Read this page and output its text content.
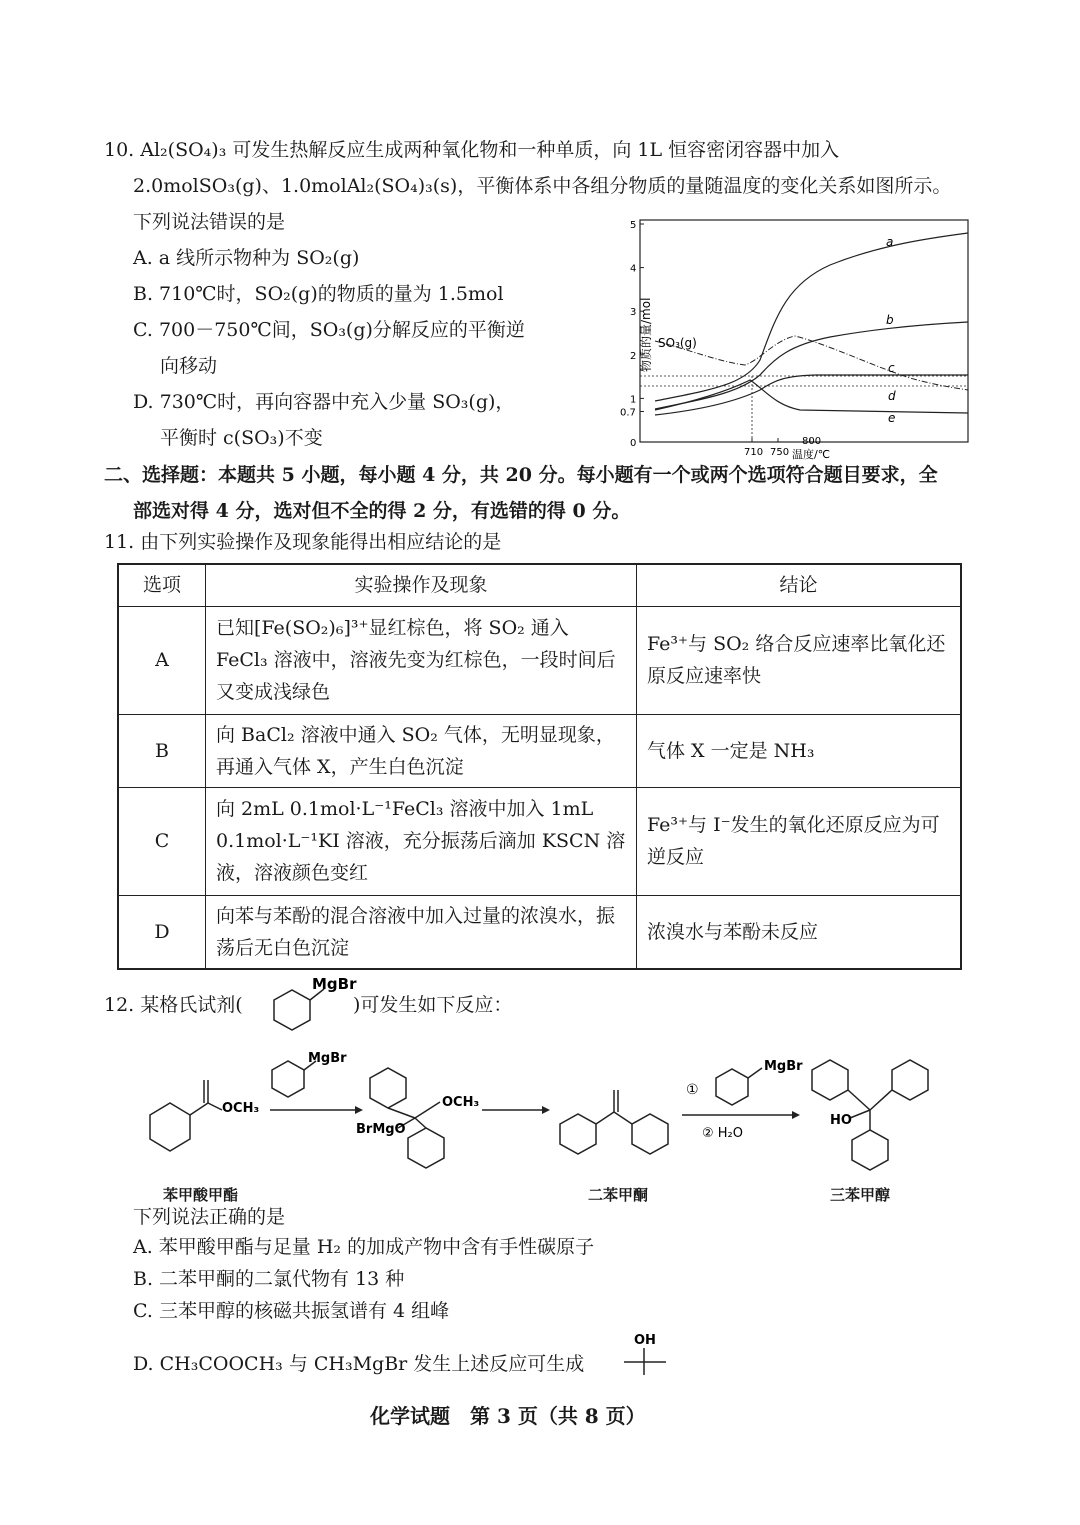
10. Al₂(SO₄)₃ 可发生热解反应生成两种氧化物和一种单质，向 1L 恒容密闭容器中加入
2.0molSO₃(g)、1.0molAl₂(SO₄)₃(s)，平衡体系中各组分物质的量随温度的变化关系如图所示。
下列说法错误的是
A. a 线所示物种为 SO₂(g)
B. 710℃时，SO₂(g)的物质的量为 1.5mol
C. 700－750℃间，SO₃(g)分解反应的平衡逆
向移动
D. 730℃时，再向容器中充入少量 SO₃(g)，
平衡时 c(SO₃)不变
物质的量/mol
0
0.7
1
2
3
4
5
710 750
800
温度/℃
a
b
c
d
e
SO₃(g)
二、选择题：本题共 5 小题，每小题 4 分，共 20 分。每小题有一个或两个选项符合题目要求，全
部选对得 4 分，选对但不全的得 2 分，有选错的得 0 分。
11. 由下列实验操作及现象能得出相应结论的是
选项	实验操作及现象	结论
A	已知[Fe(SO₂)₆]³⁺显红棕色，将 SO₂ 通入 FeCl₃ 溶液中，溶液先变为红棕色，一段时间后又变成浅绿色	Fe³⁺与 SO₂ 络合反应速率比氧化还原反应速率快
B	向 BaCl₂ 溶液中通入 SO₂ 气体，无明显现象，再通入气体 X，产生白色沉淀	气体 X 一定是 NH₃
C	向 2mL 0.1mol·L⁻¹FeCl₃ 溶液中加入 1mL 0.1mol·L⁻¹KI 溶液，充分振荡后滴加 KSCN 溶液，溶液颜色变红	Fe³⁺与 I⁻发生的氧化还原反应为可逆反应
D	向苯与苯酚的混合溶液中加入过量的浓溴水，振荡后无白色沉淀	浓溴水与苯酚未反应
12. 某格氏试剂(
MgBr
)可发生如下反应：
OCH₃
MgBr
OCH₃
BrMgO
①
MgBr
② H₂O
HO
苯甲酸甲酯	二苯甲酮	三苯甲醇
下列说法正确的是
A. 苯甲酸甲酯与足量 H₂ 的加成产物中含有手性碳原子
B. 二苯甲酮的二氯代物有 13 种
C. 三苯甲醇的核磁共振氢谱有 4 组峰
D. CH₃COOCH₃ 与 CH₃MgBr 发生上述反应可生成
OH
化学试题　第 3 页（共 8 页）
